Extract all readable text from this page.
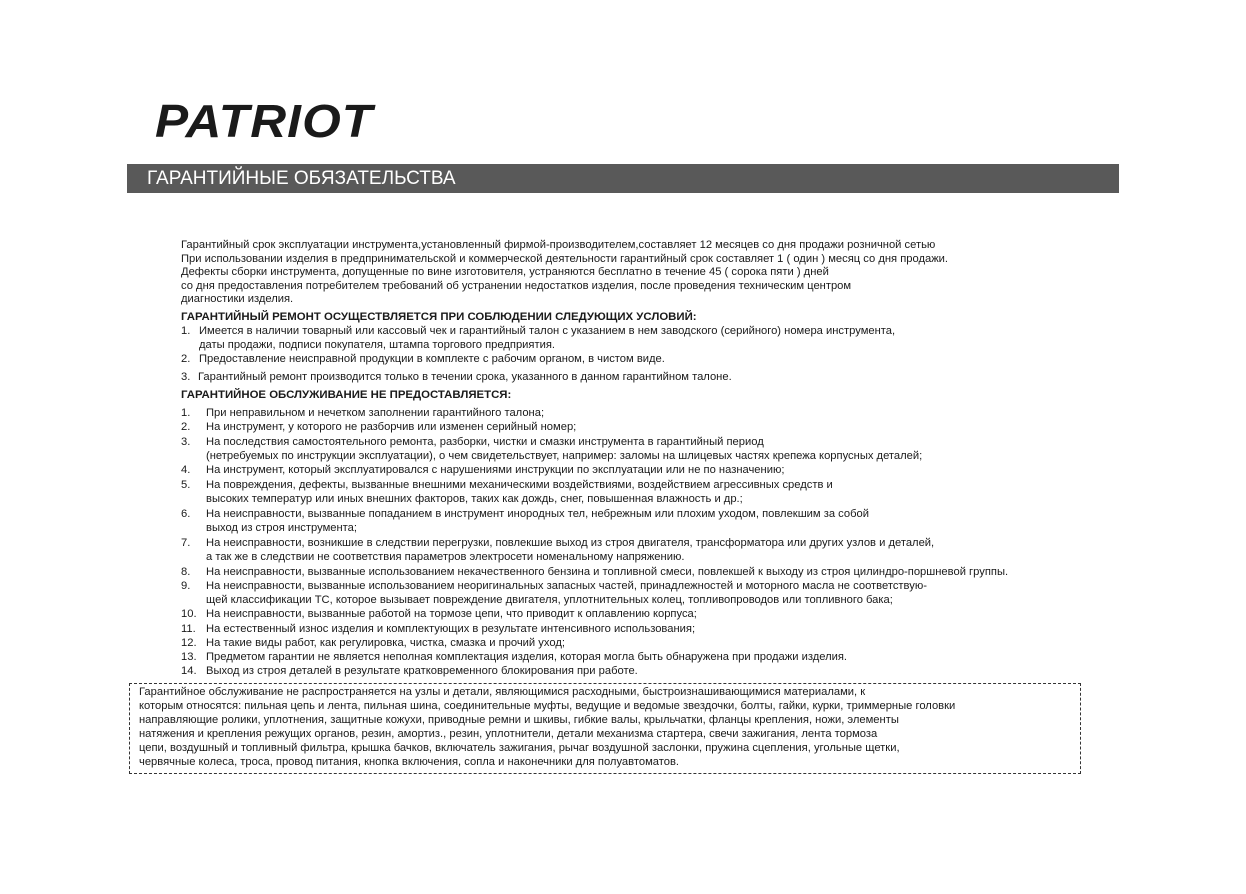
PATRIOT
ГАРАНТИЙНЫЕ ОБЯЗАТЕЛЬСТВА
Гарантийный срок эксплуатации инструмента,установленный фирмой-производителем,составляет 12 месяцев со дня продажи розничной сетью
При использовании изделия в предпринимательской и коммерческой деятельности гарантийный срок составляет 1 ( один ) месяц со дня продажи.
Дефекты сборки инструмента, допущенные по вине изготовителя, устраняются бесплатно в течение 45 ( сорока пяти ) дней
со дня предоставления потребителем требований об устранении недостатков изделия, после проведения техническим центром
диагностики изделия.
ГАРАНТИЙНЫЙ РЕМОНТ ОСУЩЕСТВЛЯЕТСЯ ПРИ СОБЛЮДЕНИИ СЛЕДУЮЩИХ УСЛОВИЙ:
1. Имеется в наличии товарный или кассовый чек и гарантийный талон с указанием в нем заводского (серийного) номера инструмента,
даты продажи, подписи покупателя, штампа торгового предприятия.
2. Предоставление неисправной продукции в комплекте с рабочим органом, в чистом виде.
3. Гарантийный ремонт производится только в течении срока, указанного в данном гарантийном талоне.
ГАРАНТИЙНОЕ ОБСЛУЖИВАНИЕ НЕ ПРЕДОСТАВЛЯЕТСЯ:
1. При неправильном и нечетком заполнении гарантийного талона;
2. На инструмент, у которого не разборчив или изменен серийный номер;
3. На последствия самостоятельного ремонта, разборки, чистки и смазки инструмента в гарантийный период
(нетребуемых по инструкции эксплуатации), о чем свидетельствует, например: заломы на шлицевых частях крепежа корпусных деталей;
4. На инструмент, который эксплуатировался с нарушениями инструкции по эксплуатации или не по назначению;
5. На повреждения, дефекты, вызванные внешними механическими воздействиями, воздействием агрессивных средств и
высоких температур или иных внешних факторов, таких как дождь, снег, повышенная влажность и др.;
6. На неисправности, вызванные попаданием в инструмент инородных тел, небрежным или плохим уходом, повлекшим за собой
выход из строя инструмента;
7. На неисправности, возникшие в следствии перегрузки, повлекшие выход из строя двигателя, трансформатора или других узлов и деталей,
а так же в следствии не соответствия параметров электросети номенальному напряжению.
8. На неисправности, вызванные использованием некачественного бензина и топливной смеси, повлекшей к выходу из строя цилиндро-поршневой группы.
9. На неисправности, вызванные использованием неоригинальных запасных частей, принадлежностей и моторного масла не соответствую-
щей классификации ТС, которое вызывает повреждение двигателя, уплотнительных колец, топливопроводов или топливного бака;
10. На неисправности, вызванные работой на тормозе цепи, что приводит к оплавлению корпуса;
11. На естественный износ изделия и комплектующих в результате интенсивного использования;
12. На такие виды работ, как регулировка, чистка, смазка и прочий уход;
13. Предметом гарантии не является неполная комплектация изделия, которая могла быть обнаружена при продажи изделия.
14. Выход из строя деталей в результате кратковременного блокирования при работе.
Гарантийное обслуживание не распространяется на узлы и детали, являющимися расходными, быстроизнашивающимися материалами, к
которым относятся: пильная цепь и лента, пильная шина, соединительные муфты, ведущие и ведомые звездочки, болты, гайки, курки, триммерные головки
направляющие ролики, уплотнения, защитные кожухи, приводные ремни и шкивы, гибкие валы, крыльчатки, фланцы крепления, ножи, элементы
натяжения и крепления режущих органов, резин, амортиз., резин, уплотнители, детали механизма стартера, свечи зажигания, лента тормоза
цепи, воздушный и топливный фильтра, крышка бачков, включатель зажигания, рычаг воздушной заслонки, пружина сцепления, угольные щетки,
червячные колеса, троса, провод питания, кнопка включения, сопла и наконечники для полуавтоматов.
